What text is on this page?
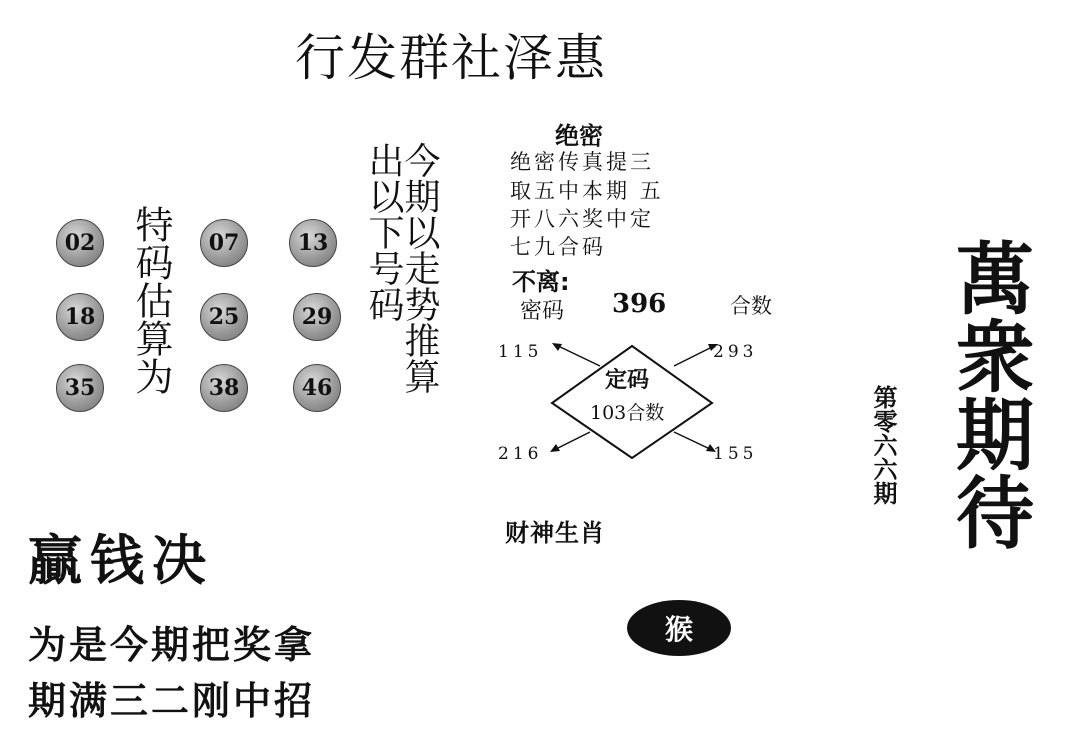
行发群社泽惠
02	07	13
18	25	29
35	38	46
特码估算为	今期以走势推算
出以下号码
绝密
绝密传真提三
取五中本期 五
开八六奖中定
七九合码
不离:
密码 396	合数
115	293
216	155
定码
103合数
财神生肖
猴
第零六六期 萬衆期待
贏钱决
为是今期把奖拿
期满三二刚中招
